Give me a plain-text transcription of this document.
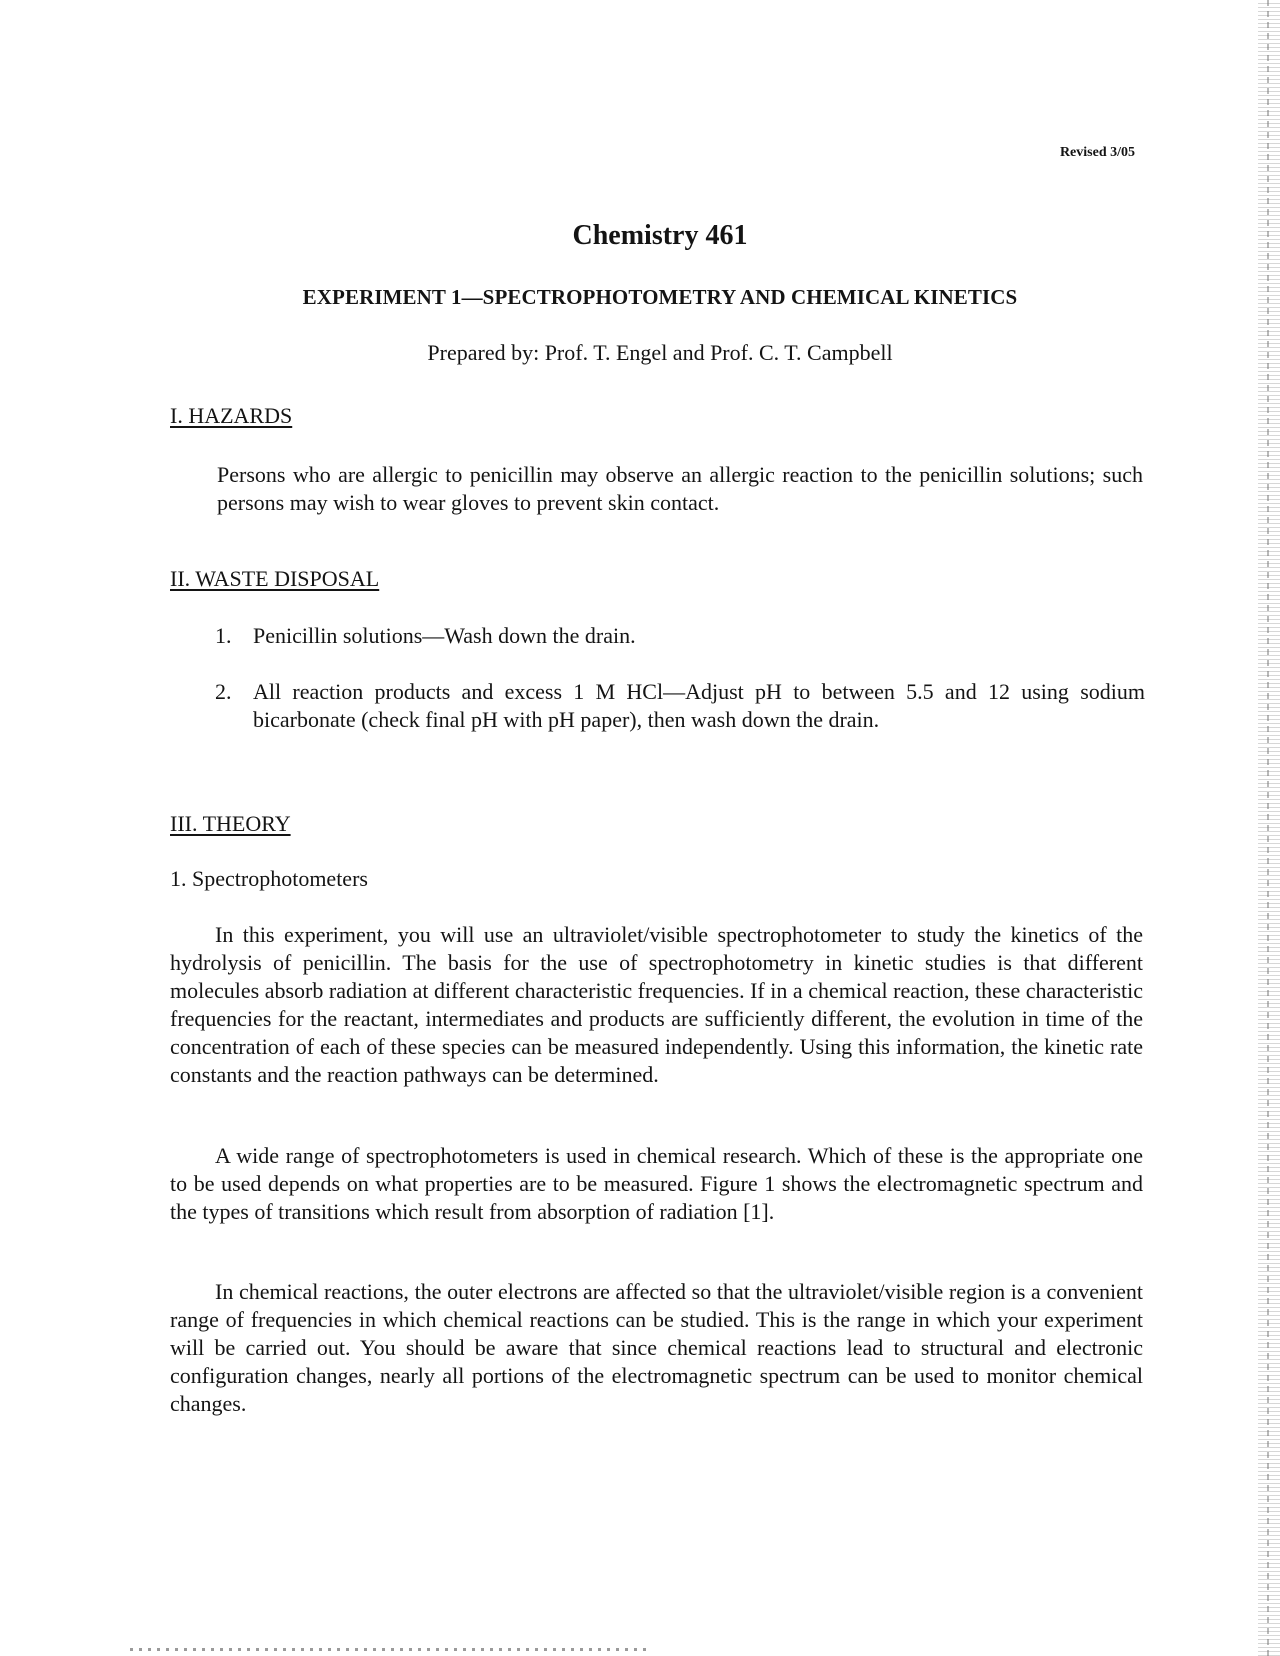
Revised 3/05
Chemistry 461
EXPERIMENT 1—SPECTROPHOTOMETRY AND CHEMICAL KINETICS
Prepared by: Prof. T. Engel and Prof. C. T. Campbell
I. HAZARDS
Persons who are allergic to penicillin may observe an allergic reaction to the penicillin solutions; such persons may wish to wear gloves to prevent skin contact.
II. WASTE DISPOSAL
1. Penicillin solutions—Wash down the drain.
2. All reaction products and excess 1 M HCl—Adjust pH to between 5.5 and 12 using sodium bicarbonate (check final pH with pH paper), then wash down the drain.
III. THEORY
1. Spectrophotometers
In this experiment, you will use an ultraviolet/visible spectrophotometer to study the kinetics of the hydrolysis of penicillin. The basis for the use of spectrophotometry in kinetic studies is that different molecules absorb radiation at different characteristic frequencies. If in a chemical reaction, these characteristic frequencies for the reactant, intermediates and products are sufficiently different, the evolution in time of the concentration of each of these species can be measured independently. Using this information, the kinetic rate constants and the reaction pathways can be determined.
A wide range of spectrophotometers is used in chemical research. Which of these is the appropriate one to be used depends on what properties are to be measured. Figure 1 shows the electromagnetic spectrum and the types of transitions which result from absorption of radiation [1].
In chemical reactions, the outer electrons are affected so that the ultraviolet/visible region is a convenient range of frequencies in which chemical reactions can be studied. This is the range in which your experiment will be carried out. You should be aware that since chemical reactions lead to structural and electronic configuration changes, nearly all portions of the electromagnetic spectrum can be used to monitor chemical changes.
